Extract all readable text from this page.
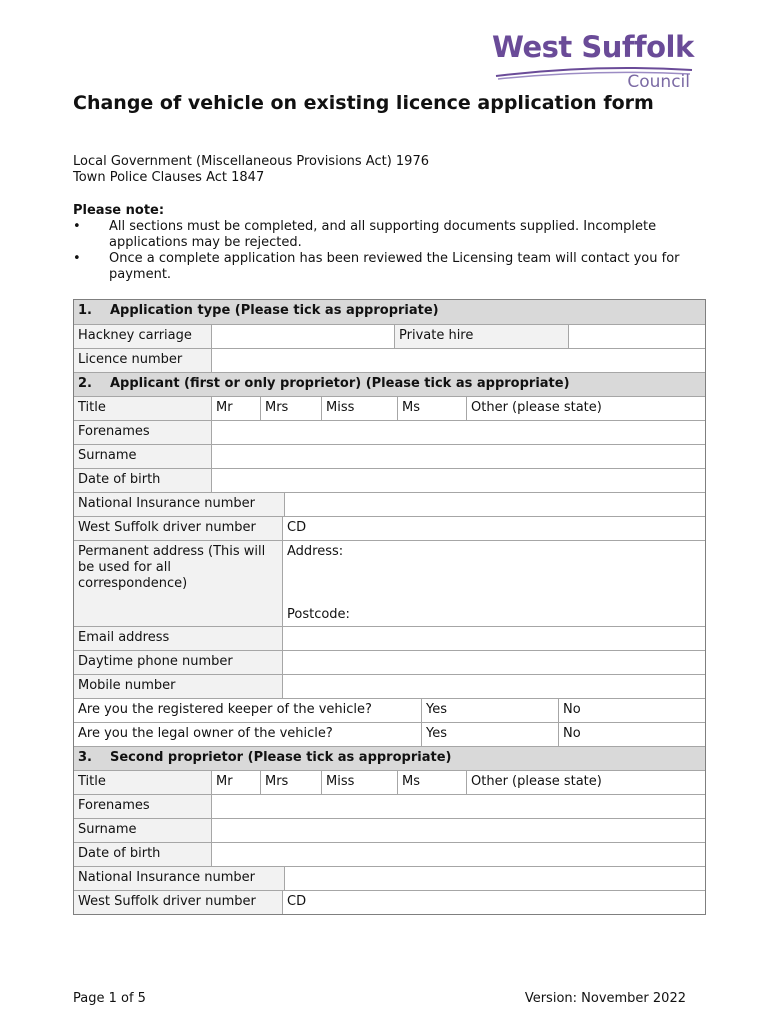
West Suffolk
Council
Change of vehicle on existing licence application form
Local Government (Miscellaneous Provisions Act) 1976
Town Police Clauses Act 1847
Please note:
• All sections must be completed, and all supporting documents supplied. Incomplete applications may be rejected.
• Once a complete application has been reviewed the Licensing team will contact you for payment.
1. Application type (Please tick as appropriate)
Hackney carriage	Private hire
Licence number
2. Applicant (first or only proprietor) (Please tick as appropriate)
Title	Mr	Mrs	Miss	Ms	Other (please state)
Forenames
Surname
Date of birth
National Insurance number
West Suffolk driver number	CD
Permanent address (This will be used for all correspondence)
Address:
Postcode:
Email address
Daytime phone number
Mobile number
Are you the registered keeper of the vehicle?	Yes	No
Are you the legal owner of the vehicle?	Yes	No
3. Second proprietor (Please tick as appropriate)
Title	Mr	Mrs	Miss	Ms	Other (please state)
Forenames
Surname
Date of birth
National Insurance number
West Suffolk driver number	CD
Page 1 of 5	Version: November 2022
